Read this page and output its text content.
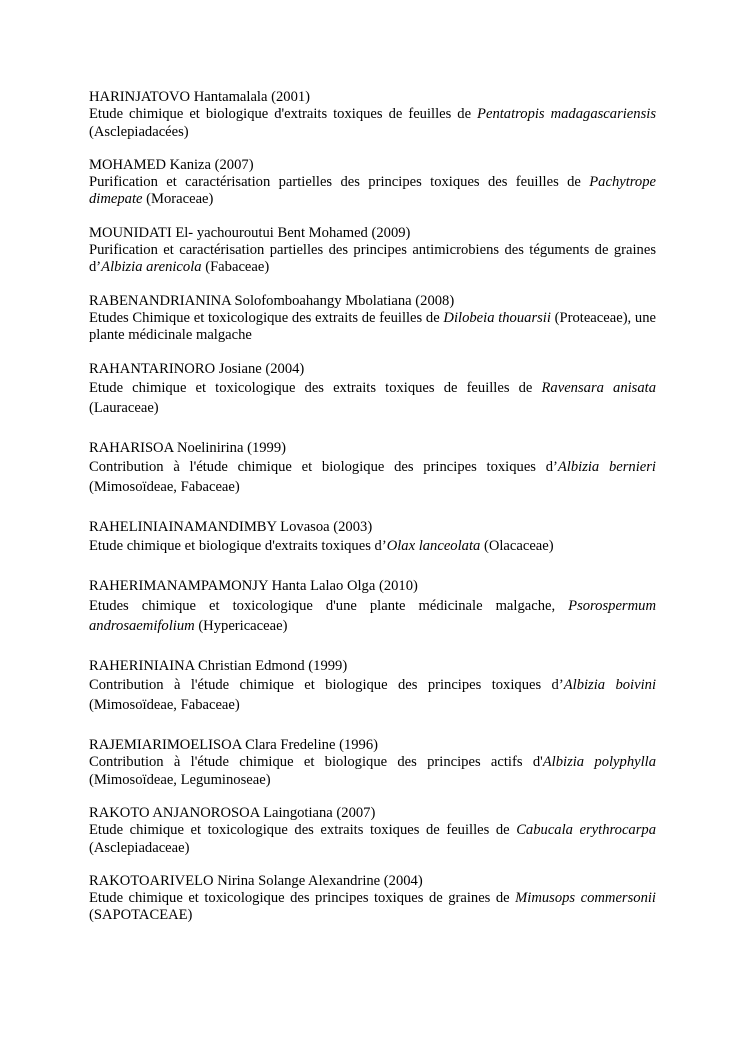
HARINJATOVO Hantamalala (2001)
Etude chimique et biologique d'extraits toxiques de feuilles de Pentatropis madagascariensis (Asclepiadacées)
MOHAMED Kaniza (2007)
Purification et caractérisation partielles des principes toxiques des feuilles de Pachytrope dimepate (Moraceae)
MOUNIDATI El- yachouroutui Bent Mohamed (2009)
Purification et caractérisation partielles des principes antimicrobiens des téguments de graines d’Albizia arenicola (Fabaceae)
RABENANDRIANINA Solofomboahangy Mbolatiana (2008)
Etudes Chimique et toxicologique des extraits de feuilles de Dilobeia thouarsii (Proteaceae), une plante médicinale malgache
RAHANTARINORO Josiane (2004)
Etude chimique et toxicologique des extraits toxiques de feuilles de Ravensara anisata (Lauraceae)
RAHARISOA Noelinirina (1999)
Contribution à l'étude chimique et biologique des principes toxiques d’Albizia bernieri (Mimosoïdeae, Fabaceae)
RAHELINIAINAMANDIMBY Lovasoa (2003)
Etude chimique et biologique d'extraits toxiques d’Olax lanceolata (Olacaceae)
RAHERIMANAMPAMONJY Hanta Lalao Olga (2010)
Etudes chimique et toxicologique d'une plante médicinale malgache, Psorospermum androsaemifolium (Hypericaceae)
RAHERINIAINA Christian Edmond (1999)
Contribution à l'étude chimique et biologique des principes toxiques d’Albizia boivini (Mimosoïdeae, Fabaceae)
RAJEMIARIMOELISOA Clara Fredeline (1996)
Contribution à l'étude chimique et biologique des principes actifs d'Albizia polyphylla (Mimosoïdeae, Leguminoseae)
RAKOTO ANJANOROSOA Laingotiana (2007)
Etude chimique et toxicologique des extraits toxiques de feuilles de Cabucala erythrocarpa (Asclepiadaceae)
RAKOTOARIVELO Nirina Solange Alexandrine (2004)
Etude chimique et toxicologique des principes toxiques de graines de Mimusops commersonii (SAPOTACEAE)
